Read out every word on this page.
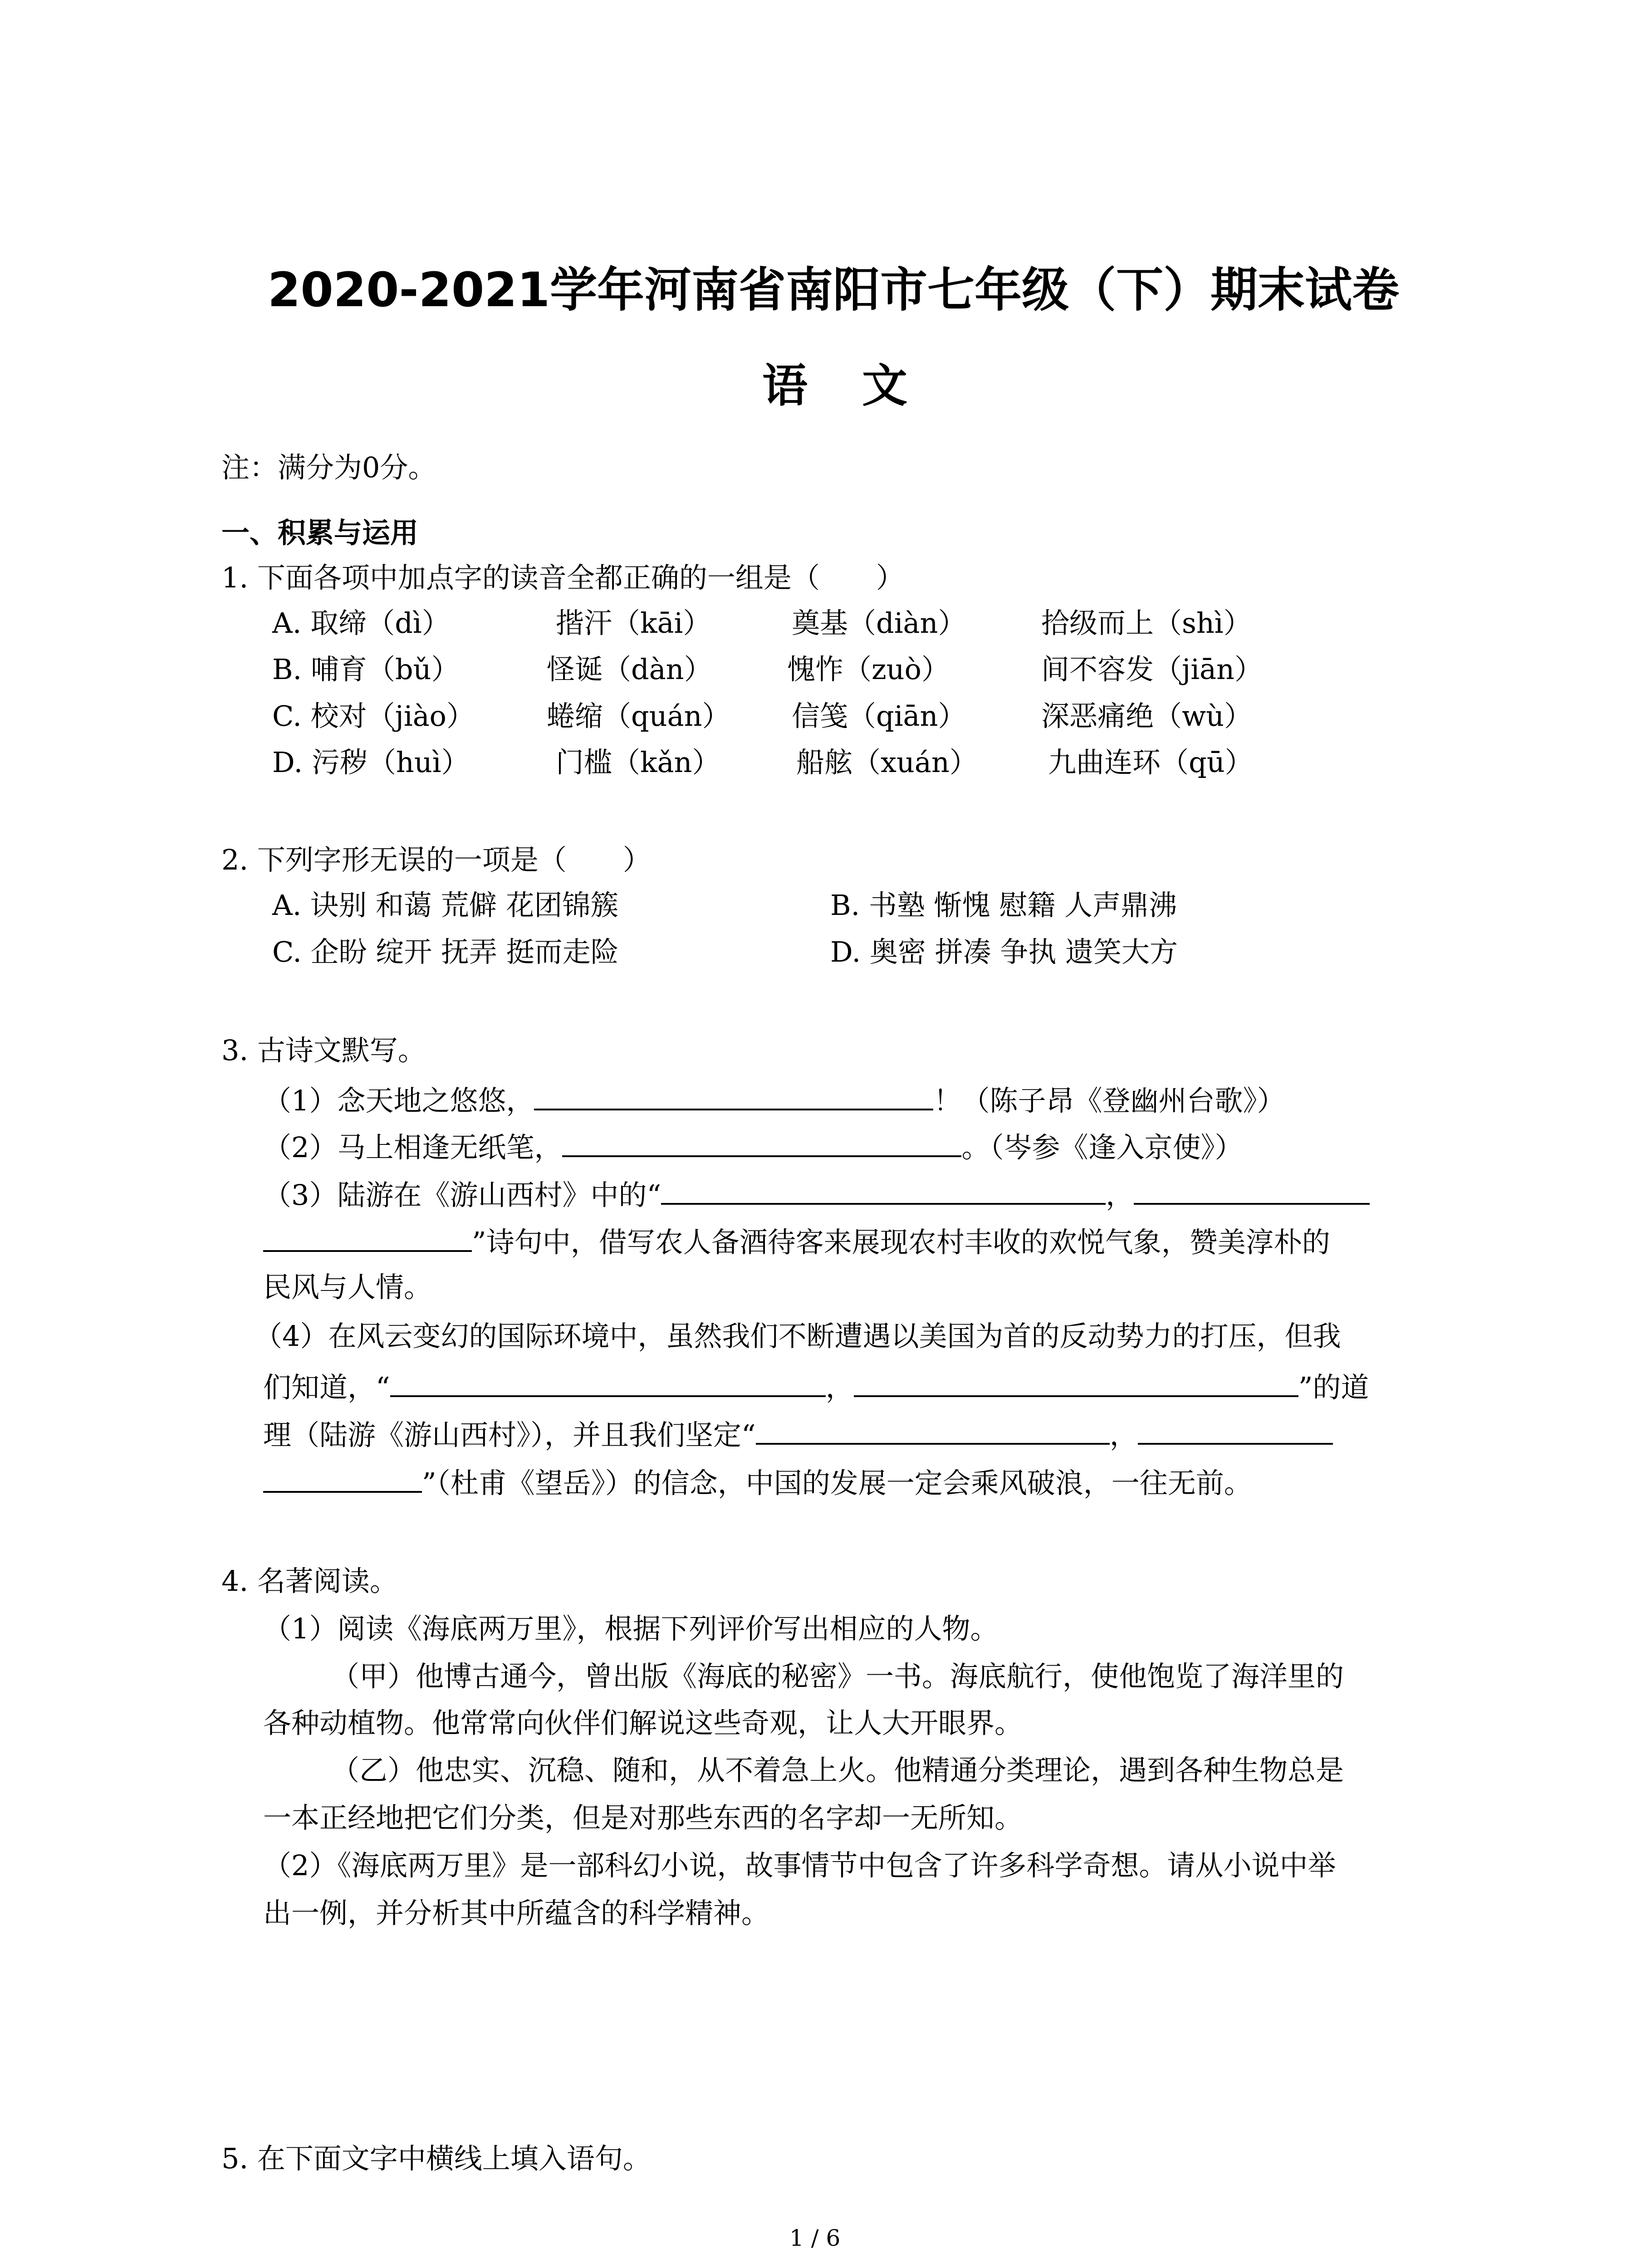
2020-2021学年河南省南阳市七年级（下）期末试卷
语文
注：满分为0分。
一、积累与运用
1. 下面各项中加点字的读音全都正确的一组是（　　）
A. 取缔（dì）	揩汗（kāi）	奠基（diàn）	拾级而上（shì）
B. 哺育（bǔ）	怪诞（dàn）	愧怍（zuò）	间不容发（jiān）
C. 校对（jiào）	蜷缩（quán） 信笺（qiān）	深恶痛绝（wù）
D. 污秽（huì）	门槛（kǎn）	船舷（xuán）	九曲连环（qū）
2. 下列字形无误的一项是（　　）
A. 诀别 和蔼 荒僻 花团锦簇	B. 书塾 惭愧 慰籍 人声鼎沸
C. 企盼 绽开 抚弄 挺而走险	D. 奥密 拼凑 争执 遗笑大方
3. 古诗文默写。
（1）念天地之悠悠，	！（陈子昂《登幽州台歌》）
（2）马上相逢无纸笔，	。（岑参《逢入京使》）
（3）陆游在《游山西村》中的“	，
”诗句中，借写农人备酒待客来展现农村丰收的欢悦气象，赞美淳朴的
民风与人情。
（4）在风云变幻的国际环境中，虽然我们不断遭遇以美国为首的反动势力的打压，但我
们知道，“	，	”的道
理（陆游《游山西村》），并且我们坚定“	，
”（杜甫《望岳》）的信念，中国的发展一定会乘风破浪，一往无前。
4. 名著阅读。
（1）阅读《海底两万里》，根据下列评价写出相应的人物。
（甲）他博古通今，曾出版《海底的秘密》一书。海底航行，使他饱览了海洋里的
各种动植物。他常常向伙伴们解说这些奇观，让人大开眼界。
（乙）他忠实、沉稳、随和，从不着急上火。他精通分类理论，遇到各种生物总是
一本正经地把它们分类，但是对那些东西的名字却一无所知。
（2）《海底两万里》是一部科幻小说，故事情节中包含了许多科学奇想。请从小说中举
出一例，并分析其中所蕴含的科学精神。
5. 在下面文字中横线上填入语句。
1 / 6
